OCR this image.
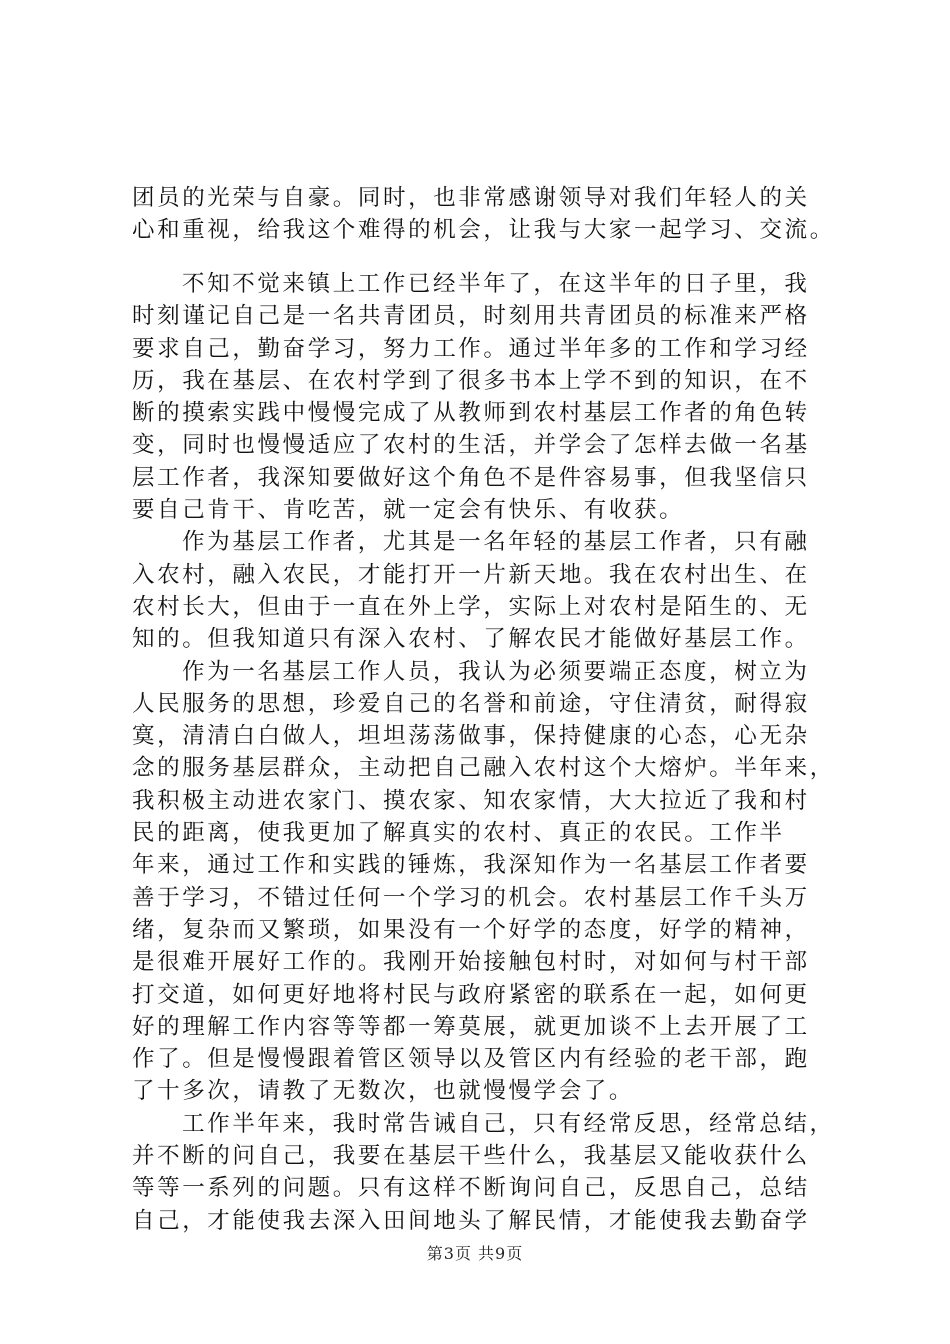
团员的光荣与自豪。同时，也非常感谢领导对我们年轻人的关
心和重视，给我这个难得的机会，让我与大家一起学习、交流。
不知不觉来镇上工作已经半年了，在这半年的日子里，我
时刻谨记自己是一名共青团员，时刻用共青团员的标准来严格
要求自己，勤奋学习，努力工作。通过半年多的工作和学习经
历，我在基层、在农村学到了很多书本上学不到的知识，在不
断的摸索实践中慢慢完成了从教师到农村基层工作者的角色转
变，同时也慢慢适应了农村的生活，并学会了怎样去做一名基
层工作者，我深知要做好这个角色不是件容易事，但我坚信只
要自己肯干、肯吃苦，就一定会有快乐、有收获。
作为基层工作者，尤其是一名年轻的基层工作者，只有融
入农村，融入农民，才能打开一片新天地。我在农村出生、在
农村长大，但由于一直在外上学，实际上对农村是陌生的、无
知的。但我知道只有深入农村、了解农民才能做好基层工作。
作为一名基层工作人员，我认为必须要端正态度，树立为
人民服务的思想，珍爱自己的名誉和前途，守住清贫，耐得寂
寞，清清白白做人，坦坦荡荡做事，保持健康的心态，心无杂
念的服务基层群众，主动把自己融入农村这个大熔炉。半年来，
我积极主动进农家门、摸农家、知农家情，大大拉近了我和村
民的距离，使我更加了解真实的农村、真正的农民。工作半
年来，通过工作和实践的锤炼，我深知作为一名基层工作者要
善于学习，不错过任何一个学习的机会。农村基层工作千头万
绪，复杂而又繁琐，如果没有一个好学的态度，好学的精神，
是很难开展好工作的。我刚开始接触包村时，对如何与村干部
打交道，如何更好地将村民与政府紧密的联系在一起，如何更
好的理解工作内容等等都一筹莫展，就更加谈不上去开展了工
作了。但是慢慢跟着管区领导以及管区内有经验的老干部，跑
了十多次，请教了无数次，也就慢慢学会了。
工作半年来，我时常告诫自己，只有经常反思，经常总结，
并不断的问自己，我要在基层干些什么，我基层又能收获什么
等等一系列的问题。只有这样不断询问自己，反思自己，总结
自己，才能使我去深入田间地头了解民情，才能使我去勤奋学
第3页 共9页
